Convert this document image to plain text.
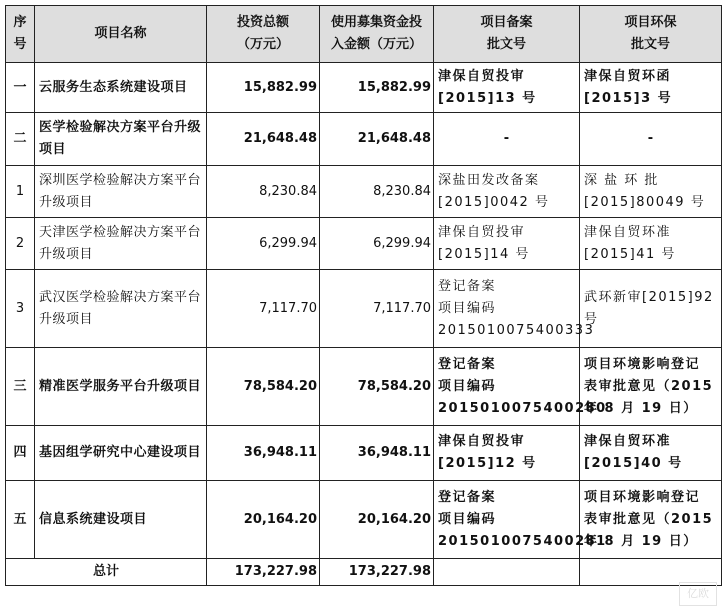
序
号	项目名称	投资总额
（万元）	使用募集资金投
入金额（万元）	项目备案
批文号	项目环保
批文号

一	云服务生态系统建设项目	15,882.99	15,882.99	津保自贸投审
[2015]13 号	津保自贸环函
[2015]3 号

二	医学检验解决方案平台升级项目	21,648.48	21,648.48	-	-

1	深圳医学检验解决方案平台升级项目	8,230.84	8,230.84	深盐田发改备案
[2015]0042 号	深 盐 环 批
[2015]80049 号

2	天津医学检验解决方案平台升级项目	6,299.94	6,299.94	津保自贸投审
[2015]14 号	津保自贸环准
[2015]41 号

3	武汉医学检验解决方案平台升级项目	7,117.70	7,117.70	登记备案
项目编码
2015010075400333	武环新审[2015]92
号

三	精准医学服务平台升级项目	78,584.20	78,584.20	登记备案
项目编码
2015010075400280	项目环境影响登记
表审批意见（2015
年 8 月 19 日）

四	基因组学研究中心建设项目	36,948.11	36,948.11	津保自贸投审
[2015]12 号	津保自贸环准
[2015]40 号

五	信息系统建设项目	20,164.20	20,164.20	登记备案
项目编码
2015010075400281	项目环境影响登记
表审批意见（2015
年 8 月 19 日）

总计		173,227.98	173,227.98		
亿欧
